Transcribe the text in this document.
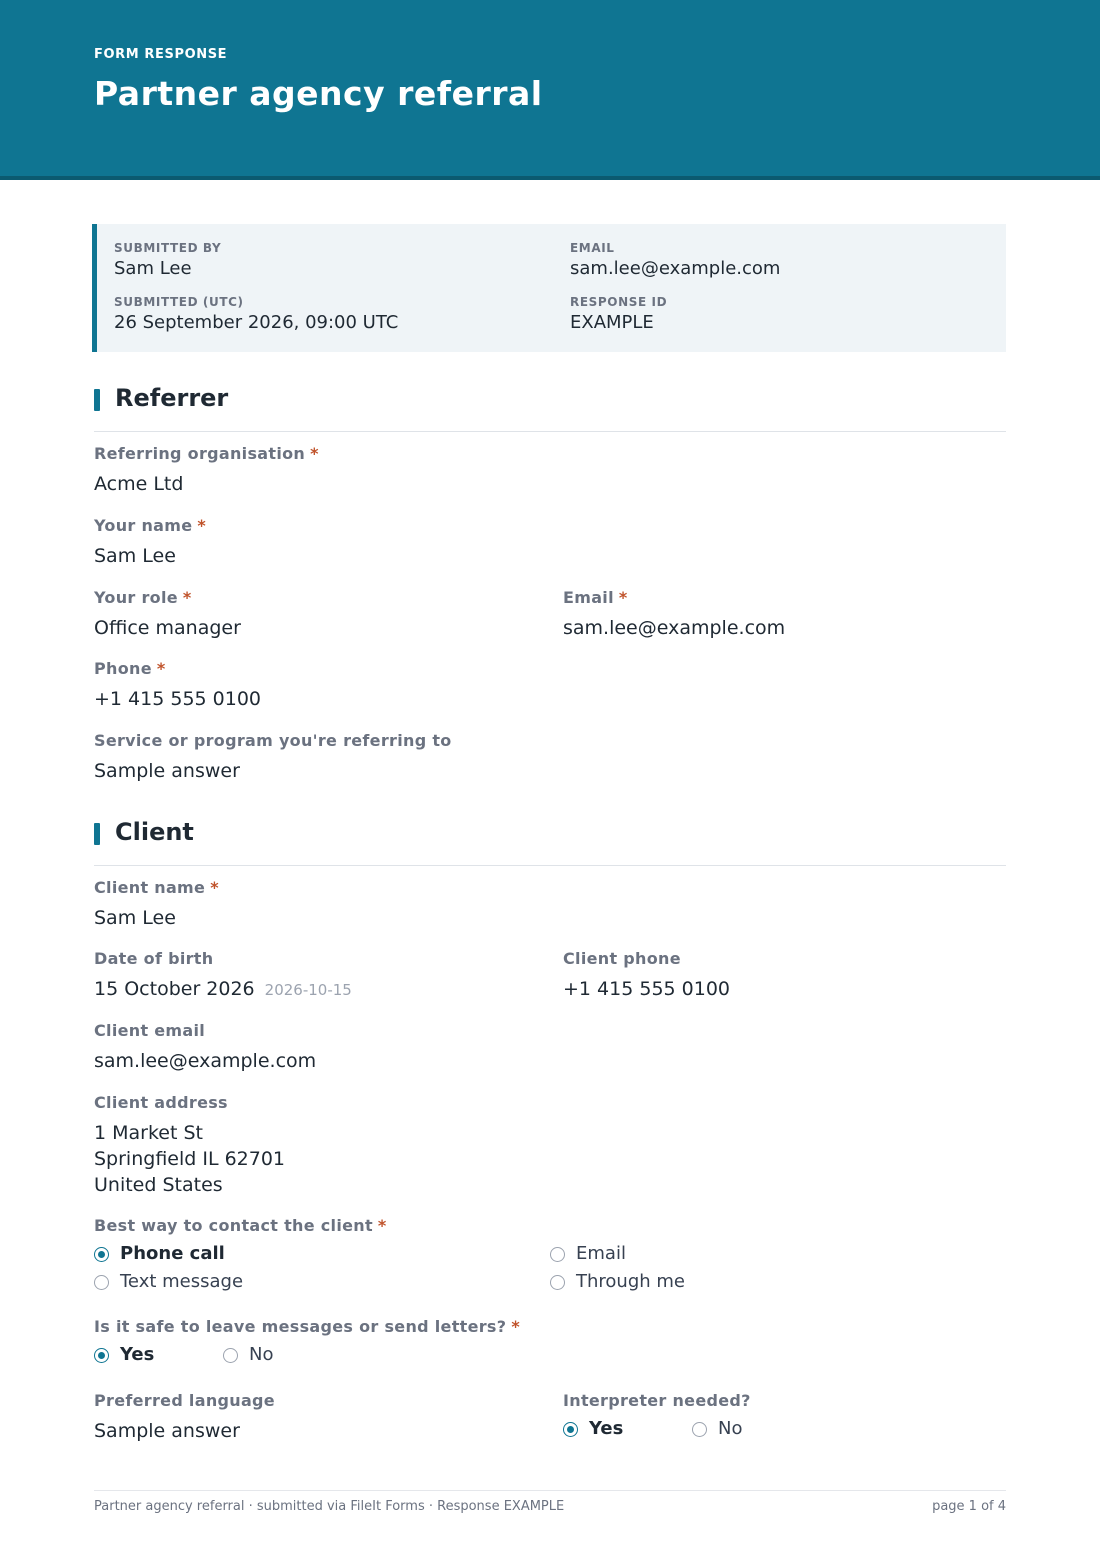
FORM RESPONSE
Partner agency referral
SUBMITTED BY
Sam Lee
EMAIL
sam.lee@example.com
SUBMITTED (UTC)
26 September 2026, 09:00 UTC
RESPONSE ID
EXAMPLE
Referrer
Referring organisation *
Acme Ltd
Your name *
Sam Lee
Your role *
Office manager
Email *
sam.lee@example.com
Phone *
+1 415 555 0100
Service or program you're referring to
Sample answer
Client
Client name *
Sam Lee
Date of birth
15 October 2026 2026-10-15
Client phone
+1 415 555 0100
Client email
sam.lee@example.com
Client address
1 Market St
Springfield IL 62701
United States
Best way to contact the client *
Phone call	Email
Text message	Through me
Is it safe to leave messages or send letters? *
Yes	No
Preferred language
Sample answer
Interpreter needed?
Yes	No
Partner agency referral · submitted via FileIt Forms · Response EXAMPLE	page 1 of 4
